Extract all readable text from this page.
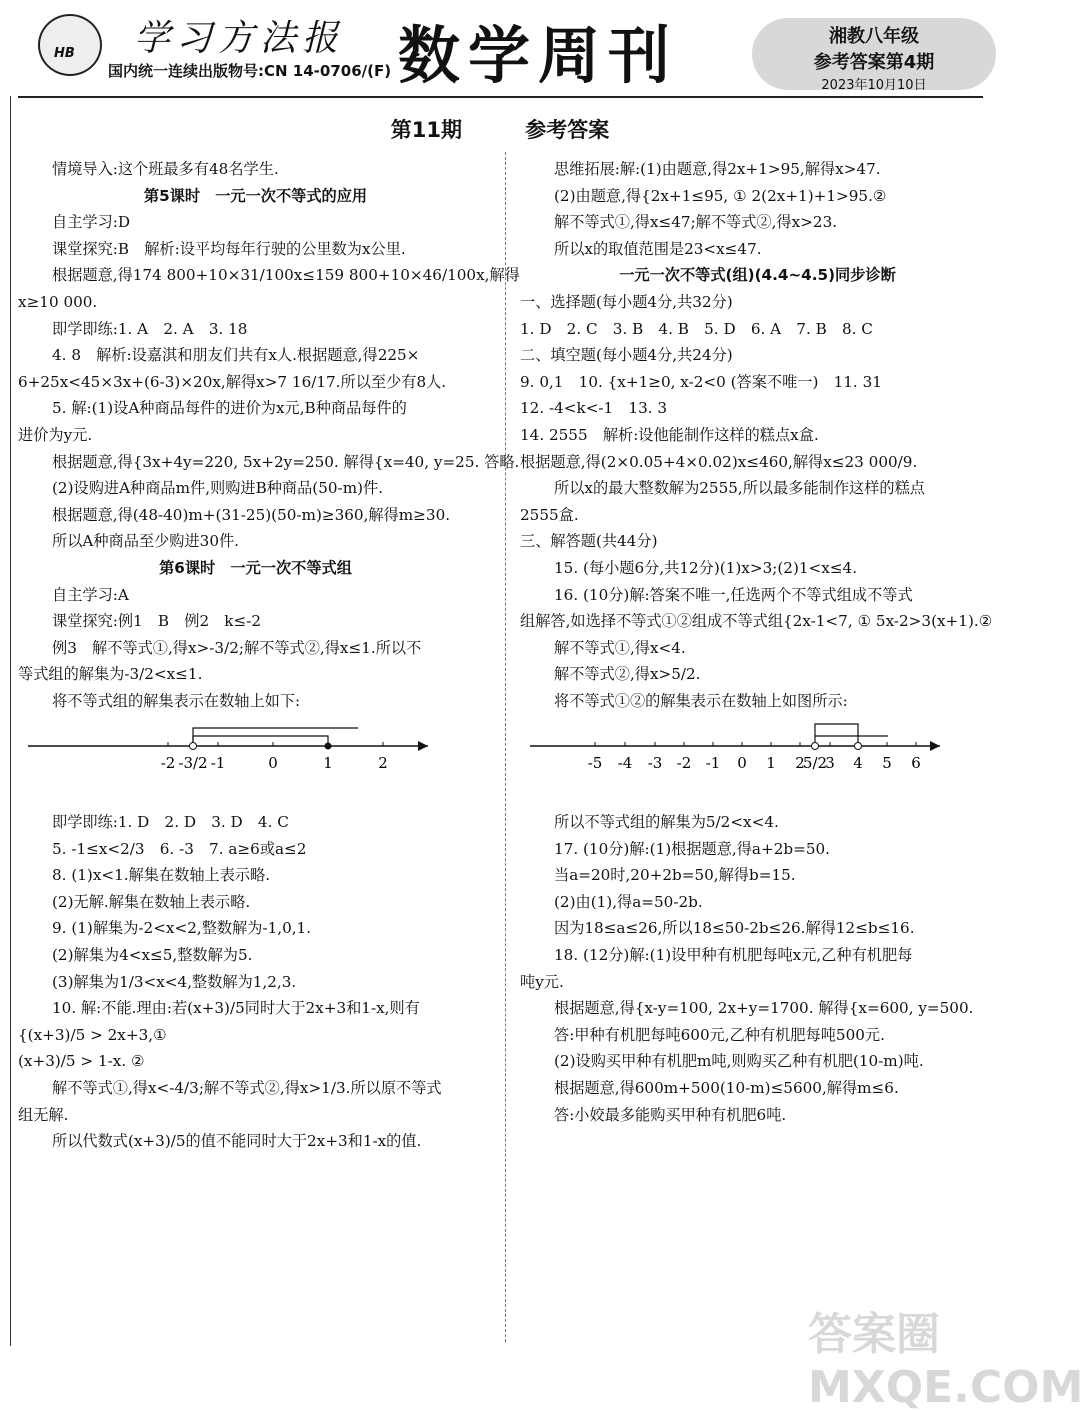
HB 学习方法报
国内统一连续出版物号:CN 14-0706/(F) 数学周刊	湘教八年级
参考答案第4期
2023年10月10日
第11期	参考答案

情境导入:这个班最多有48名学生.

第5课时　一元一次不等式的应用

自主学习:D

课堂探究:B　解析:设平均每年行驶的公里数为x公里.

根据题意,得174 800+10×31/100x≤159 800+10×46/100x,解得

x≥10 000.

即学即练:1. A　2. A　3. 18

4. 8　解析:设嘉淇和朋友们共有x人.根据题意,得225×

6+25x<45×3x+(6-3)×20x,解得x>7 16/17.所以至少有8人.

5. 解:(1)设A种商品每件的进价为x元,B种商品每件的

进价为y元.

根据题意,得{3x+4y=220, 5x+2y=250. 解得{x=40, y=25. 答略.

(2)设购进A种商品m件,则购进B种商品(50-m)件.

根据题意,得(48-40)m+(31-25)(50-m)≥360,解得m≥30.

所以A种商品至少购进30件.

第6课时　一元一次不等式组

自主学习:A

课堂探究:例1　B　例2　k≤-2

例3　解不等式①,得x>-3/2;解不等式②,得x≤1.所以不

等式组的解集为-3/2<x≤1.

将不等式组的解集表示在数轴上如下:

-2 -3/2 -1	0	1	2

即学即练:1. D　2. D　3. D　4. C

5. -1≤x<2/3　6. -3　7. a≥6或a≤2

8. (1)x<1.解集在数轴上表示略.

(2)无解.解集在数轴上表示略.

9. (1)解集为-2<x<2,整数解为-1,0,1.

(2)解集为4<x≤5,整数解为5.

(3)解集为1/3<x<4,整数解为1,2,3.

10. 解:不能.理由:若(x+3)/5同时大于2x+3和1-x,则有

{(x+3)/5 > 2x+3,①

(x+3)/5 > 1-x. ②

解不等式①,得x<-4/3;解不等式②,得x>1/3.所以原不等式

组无解.

所以代数式(x+3)/5的值不能同时大于2x+3和1-x的值.

思维拓展:解:(1)由题意,得2x+1>95,解得x>47.

(2)由题意,得{2x+1≤95, ① 2(2x+1)+1>95.②

解不等式①,得x≤47;解不等式②,得x>23.

所以x的取值范围是23<x≤47.

一元一次不等式(组)(4.4~4.5)同步诊断

一、选择题(每小题4分,共32分)

1. D　2. C　3. B　4. B　5. D　6. A　7. B　8. C

二、填空题(每小题4分,共24分)

9. 0,1　10. {x+1≥0, x-2<0 (答案不唯一)　11. 31

12. -4<k<-1　13. 3

14. 2555　解析:设他能制作这样的糕点x盒.

根据题意,得(2×0.05+4×0.02)x≤460,解得x≤23 000/9.

所以x的最大整数解为2555,所以最多能制作这样的糕点

2555盒.

三、解答题(共44分)

15. (每小题6分,共12分)(1)x>3;(2)1<x≤4.

16. (10分)解:答案不唯一,任选两个不等式组成不等式

组解答,如选择不等式①②组成不等式组{2x-1<7, ① 5x-2>3(x+1).②

解不等式①,得x<4.

解不等式②,得x>5/2.

将不等式①②的解集表示在数轴上如图所示:

-5 -4 -3 -2 -1 0 1 2
5/2
3 4 5 6

所以不等式组的解集为5/2<x<4.

17. (10分)解:(1)根据题意,得a+2b=50.

当a=20时,20+2b=50,解得b=15.

(2)由(1),得a=50-2b.

因为18≤a≤26,所以18≤50-2b≤26.解得12≤b≤16.

18. (12分)解:(1)设甲种有机肥每吨x元,乙种有机肥每

吨y元.

根据题意,得{x-y=100, 2x+y=1700. 解得{x=600, y=500.

答:甲种有机肥每吨600元,乙种有机肥每吨500元.

(2)设购买甲种有机肥m吨,则购买乙种有机肥(10-m)吨.

根据题意,得600m+500(10-m)≤5600,解得m≤6.

答:小姣最多能购买甲种有机肥6吨.

答案圈 MXQE.COM
